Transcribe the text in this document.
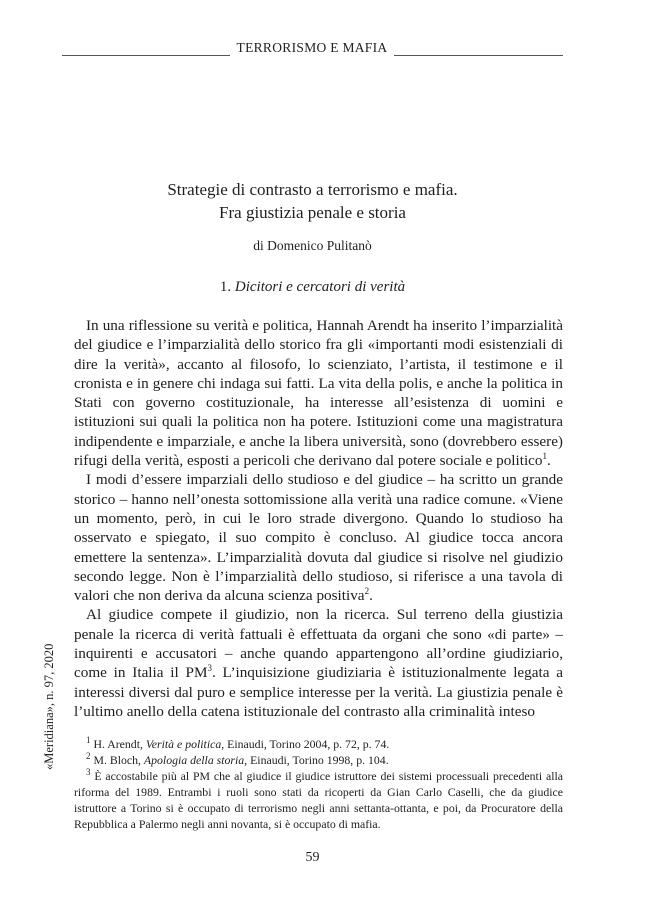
TERRORISMO E MAFIA
Strategie di contrasto a terrorismo e mafia.
Fra giustizia penale e storia
di Domenico Pulitanò
1. Dicitori e cercatori di verità

In una riflessione su verità e politica, Hannah Arendt ha inserito l’imparzialità del giudice e l’imparzialità dello storico fra gli «importanti modi esistenziali di dire la verità», accanto al filosofo, lo scienziato, l’artista, il testimone e il cronista e in genere chi indaga sui fatti. La vita della polis, e anche la politica in Stati con governo costituzionale, ha interesse all’esistenza di uomini e istituzioni sui quali la politica non ha potere. Istituzioni come una magistratura indipendente e imparziale, e anche la libera università, sono (dovrebbero essere) rifugi della verità, esposti a pericoli che derivano dal potere sociale e politico$^1$.

I modi d’essere imparziali dello studioso e del giudice – ha scritto un grande storico – hanno nell’onesta sottomissione alla verità una radice comune. «Viene un momento, però, in cui le loro strade divergono. Quando lo studioso ha osservato e spiegato, il suo compito è concluso. Al giudice tocca ancora emettere la sentenza». L’imparzialità dovuta dal giudice si risolve nel giudizio secondo legge. Non è l’imparzialità dello studioso, si riferisce a una tavola di valori che non deriva da alcuna scienza positiva$^2$.

Al giudice compete il giudizio, non la ricerca. Sul terreno della giustizia penale la ricerca di verità fattuali è effettuata da organi che sono «di parte» – inquirenti e accusatori – anche quando appartengono all’ordine giudiziario, come in Italia il $PM^3$. L’inquisizione giudiziaria è istituzionalmente legata a interessi diversi dal puro e semplice interesse per la verità. La giustizia penale è l’ultimo anello della catena istituzionale del contrasto alla criminalità inteso

$^1$ H. Arendt, Verità e politica, Einaudi, Torino 2004, p. 72, p. 74.

$^2$ M. Bloch, Apologia della storia, Einaudi, Torino 1998, p. 104.

$^3$ È accostabile più al PM che al giudice il giudice istruttore dei sistemi processuali precedenti alla riforma del 1989. Entrambi i ruoli sono stati da ricoperti da Gian Carlo Caselli, che da giudice istruttore a Torino si è occupato di terrorismo negli anni settanta-ottanta, e poi, da Procuratore della Repubblica a Palermo negli anni novanta, si è occupato di mafia.

59
«Meridiana», n. 97, 2020
